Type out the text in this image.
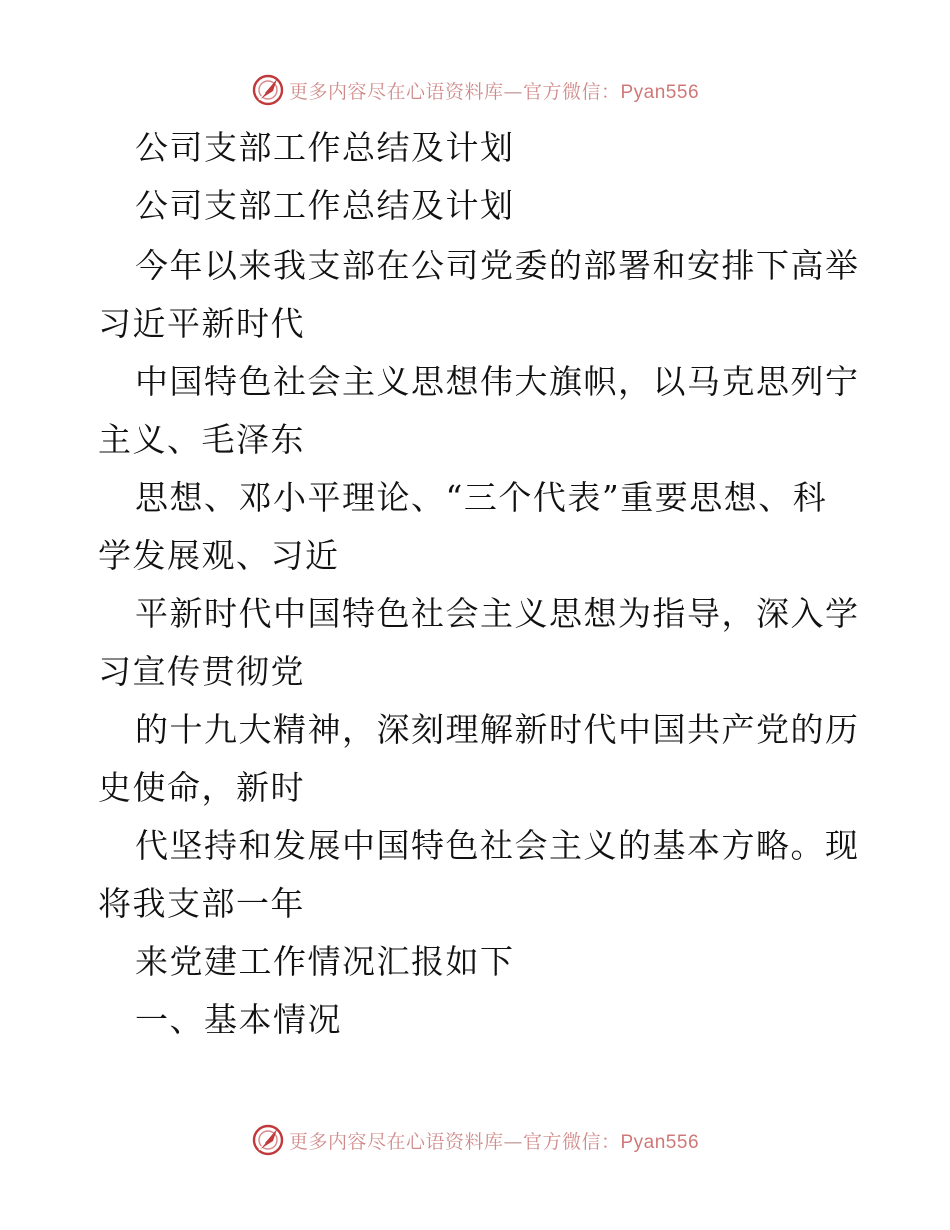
更多内容尽在心语资料库—官方微信：Pyan556
公司支部工作总结及计划
公司支部工作总结及计划
今年以来我支部在公司党委的部署和安排下高举
习近平新时代
中国特色社会主义思想伟大旗帜，以马克思列宁
主义、毛泽东
思想、邓小平理论、“三个代表”重要思想、科
学发展观、习近
平新时代中国特色社会主义思想为指导，深入学
习宣传贯彻党
的十九大精神，深刻理解新时代中国共产党的历
史使命，新时
代坚持和发展中国特色社会主义的基本方略。现
将我支部一年
来党建工作情况汇报如下
一、基本情况
更多内容尽在心语资料库—官方微信：Pyan556
